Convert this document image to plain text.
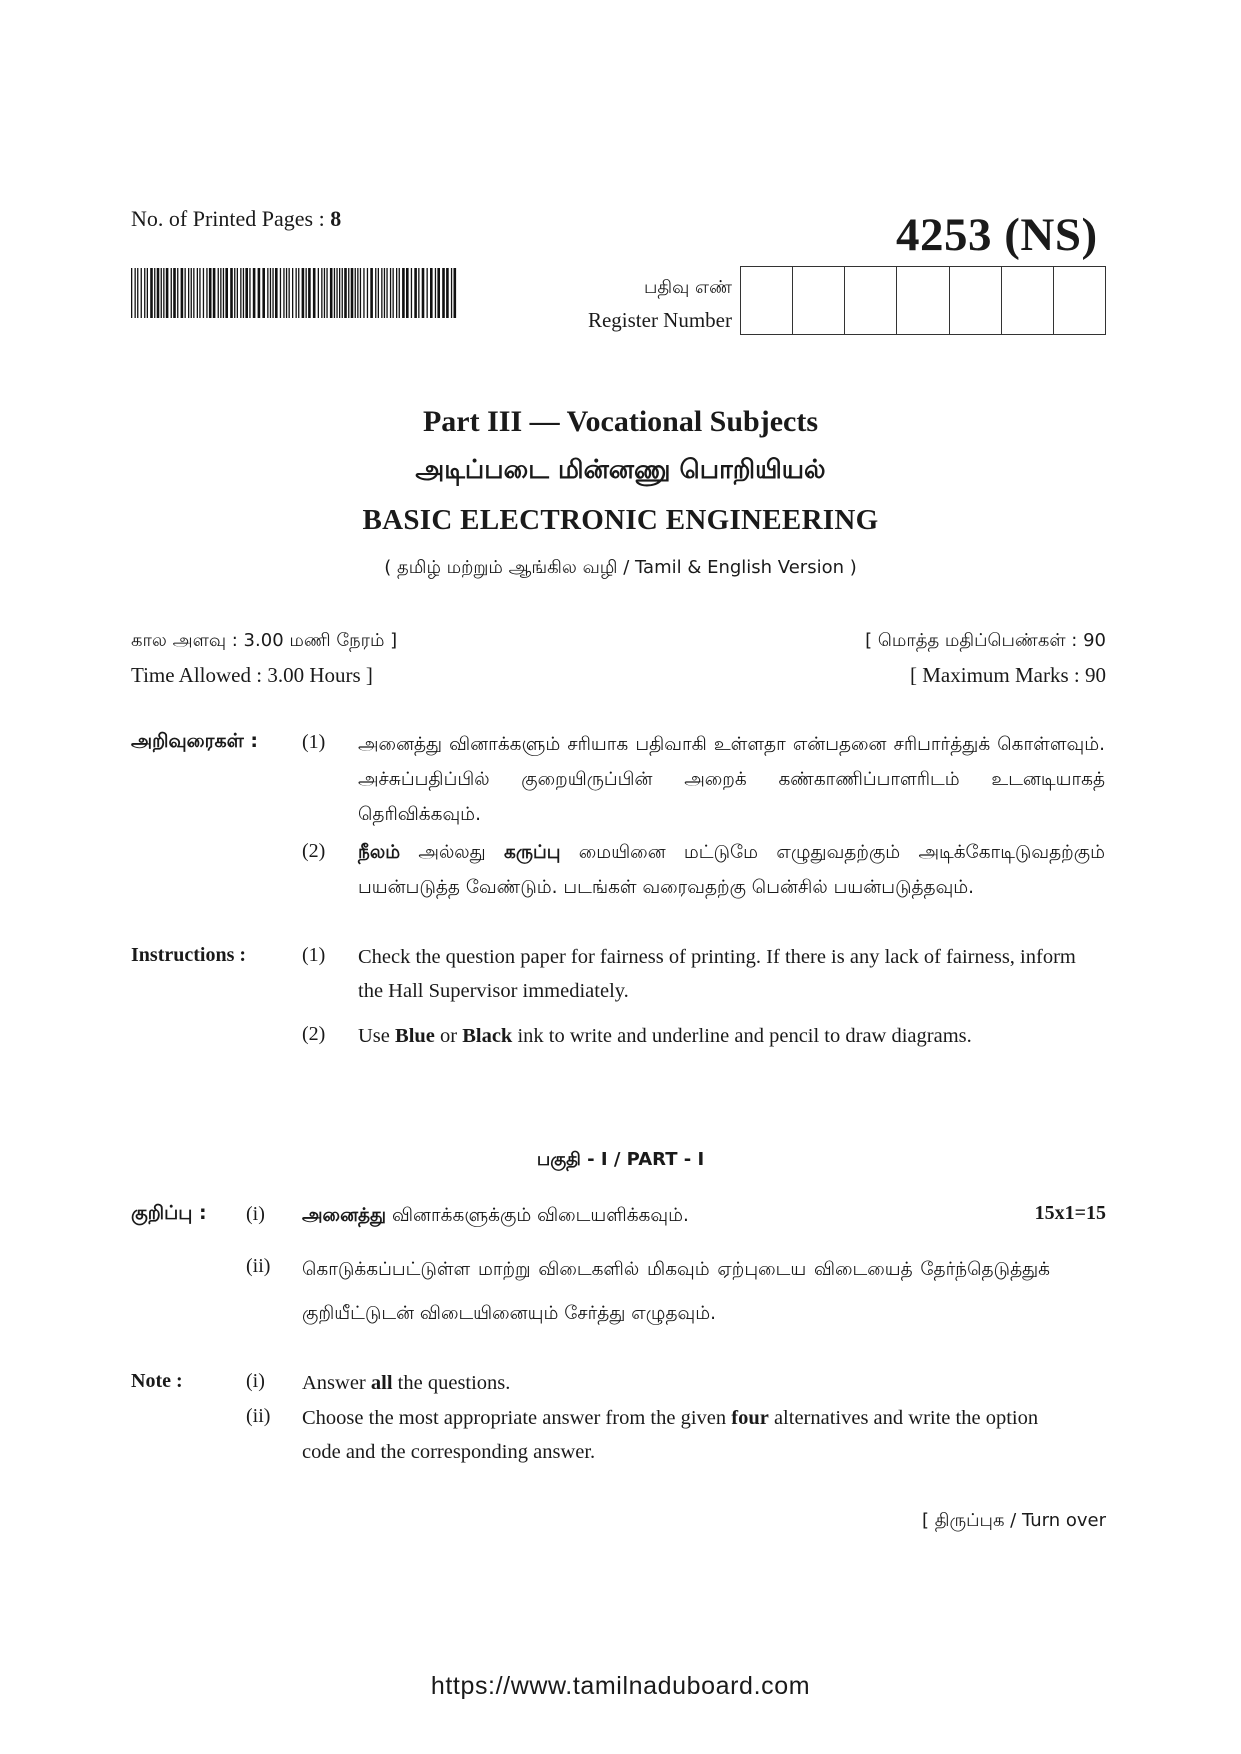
No. of Printed Pages : 8	4253 (NS)
பதிவு எண்
Register Number
Part III — Vocational Subjects
அடிப்படை மின்னணு பொறியியல்
BASIC ELECTRONIC ENGINEERING
( தமிழ் மற்றும் ஆங்கில வழி / Tamil & English Version )
கால அளவு : 3.00 மணி நேரம் ]
Time Allowed : 3.00 Hours ]
[ மொத்த மதிப்பெண்கள் : 90
[ Maximum Marks : 90
அறிவுரைகள் : (1) அனைத்து வினாக்களும் சரியாக பதிவாகி உள்ளதா என்பதனை சரிபார்த்துக் கொள்ளவும். அச்சுப்பதிப்பில் குறையிருப்பின் அறைக் கண்காணிப்பாளரிடம் உடனடியாகத் தெரிவிக்கவும்.
(2) நீலம் அல்லது கருப்பு மையினை மட்டுமே எழுதுவதற்கும் அடிக்கோடிடுவதற்கும் பயன்படுத்த வேண்டும். படங்கள் வரைவதற்கு பென்சில் பயன்படுத்தவும்.
Instructions :	(1) Check the question paper for fairness of printing. If there is any lack of fairness, inform the Hall Supervisor immediately.
(2) Use Blue or Black ink to write and underline and pencil to draw diagrams.
பகுதி - I / PART - I
குறிப்பு : (i) அனைத்து வினாக்களுக்கும் விடையளிக்கவும்.	15x1=15
(ii) கொடுக்கப்பட்டுள்ள மாற்று விடைகளில் மிகவும் ஏற்புடைய விடையைத் தேர்ந்தெடுத்துக் குறியீட்டுடன் விடையினையும் சேர்த்து எழுதவும்.
Note :	(i) Answer all the questions.
(ii) Choose the most appropriate answer from the given four alternatives and write the option code and the corresponding answer.
[ திருப்புக / Turn over
https://www.tamilnaduboard.com
